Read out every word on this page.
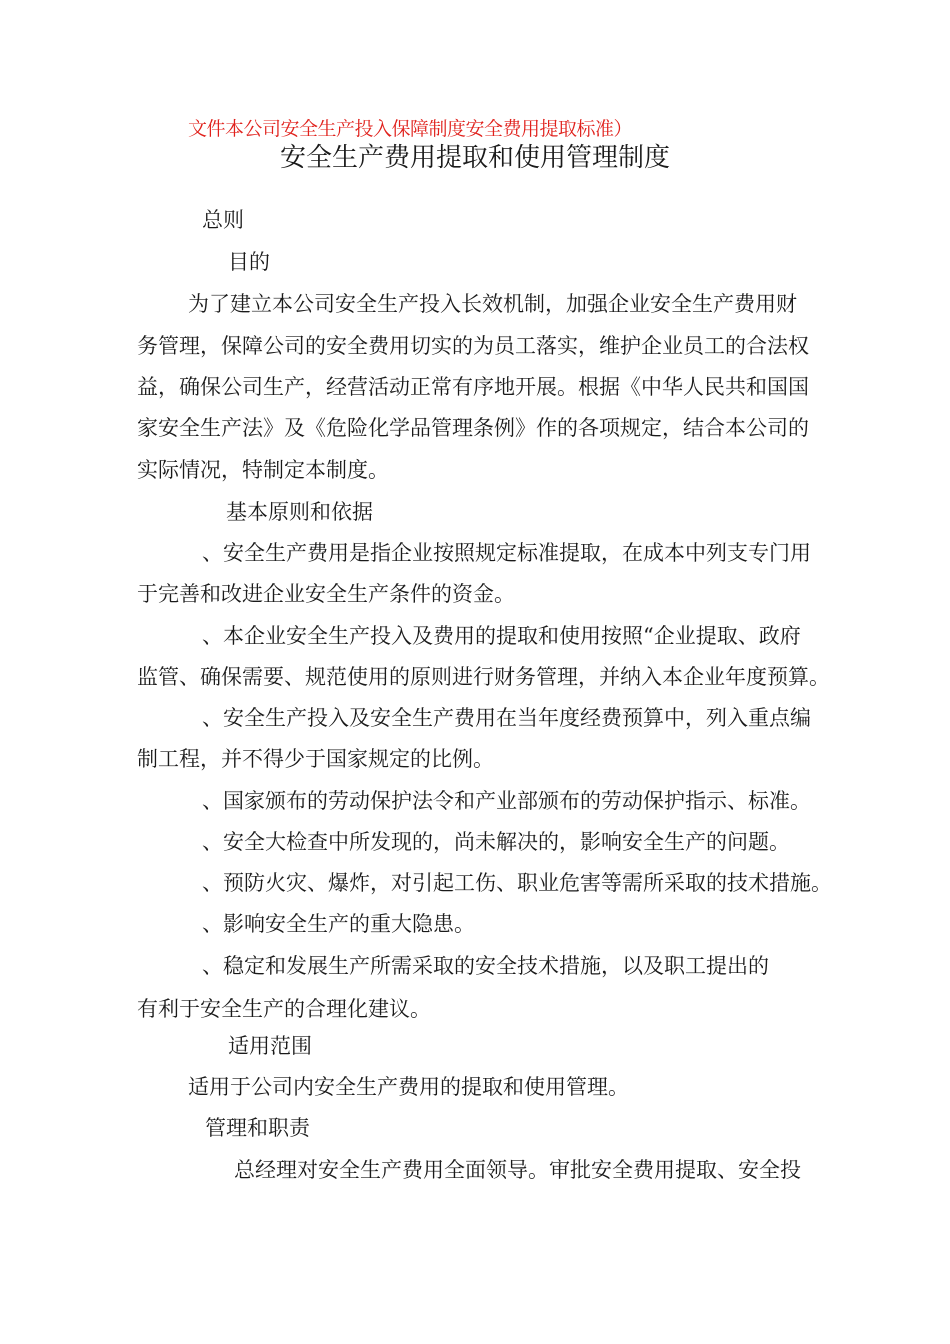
文件本公司安全生产投入保障制度安全费用提取标准）
安全生产费用提取和使用管理制度
总则
目的
为了建立本公司安全生产投入长效机制，加强企业安全生产费用财
务管理，保障公司的安全费用切实的为员工落实，维护企业员工的合法权
益，确保公司生产，经营活动正常有序地开展。根据《中华人民共和国国
家安全生产法》及《危险化学品管理条例》作的各项规定，结合本公司的
实际情况，特制定本制度。
基本原则和依据
、安全生产费用是指企业按照规定标准提取，在成本中列支专门用
于完善和改进企业安全生产条件的资金。
、本企业安全生产投入及费用的提取和使用按照“企业提取、政府
监管、确保需要、规范使用的原则进行财务管理，并纳入本企业年度预算。
、安全生产投入及安全生产费用在当年度经费预算中，列入重点编
制工程，并不得少于国家规定的比例。
、国家颁布的劳动保护法令和产业部颁布的劳动保护指示、标准。
、安全大检查中所发现的，尚未解决的，影响安全生产的问题。
、预防火灾、爆炸，对引起工伤、职业危害等需所采取的技术措施。
、影响安全生产的重大隐患。
、稳定和发展生产所需采取的安全技术措施，以及职工提出的
有利于安全生产的合理化建议。
适用范围
适用于公司内安全生产费用的提取和使用管理。
管理和职责
总经理对安全生产费用全面领导。审批安全费用提取、安全投
